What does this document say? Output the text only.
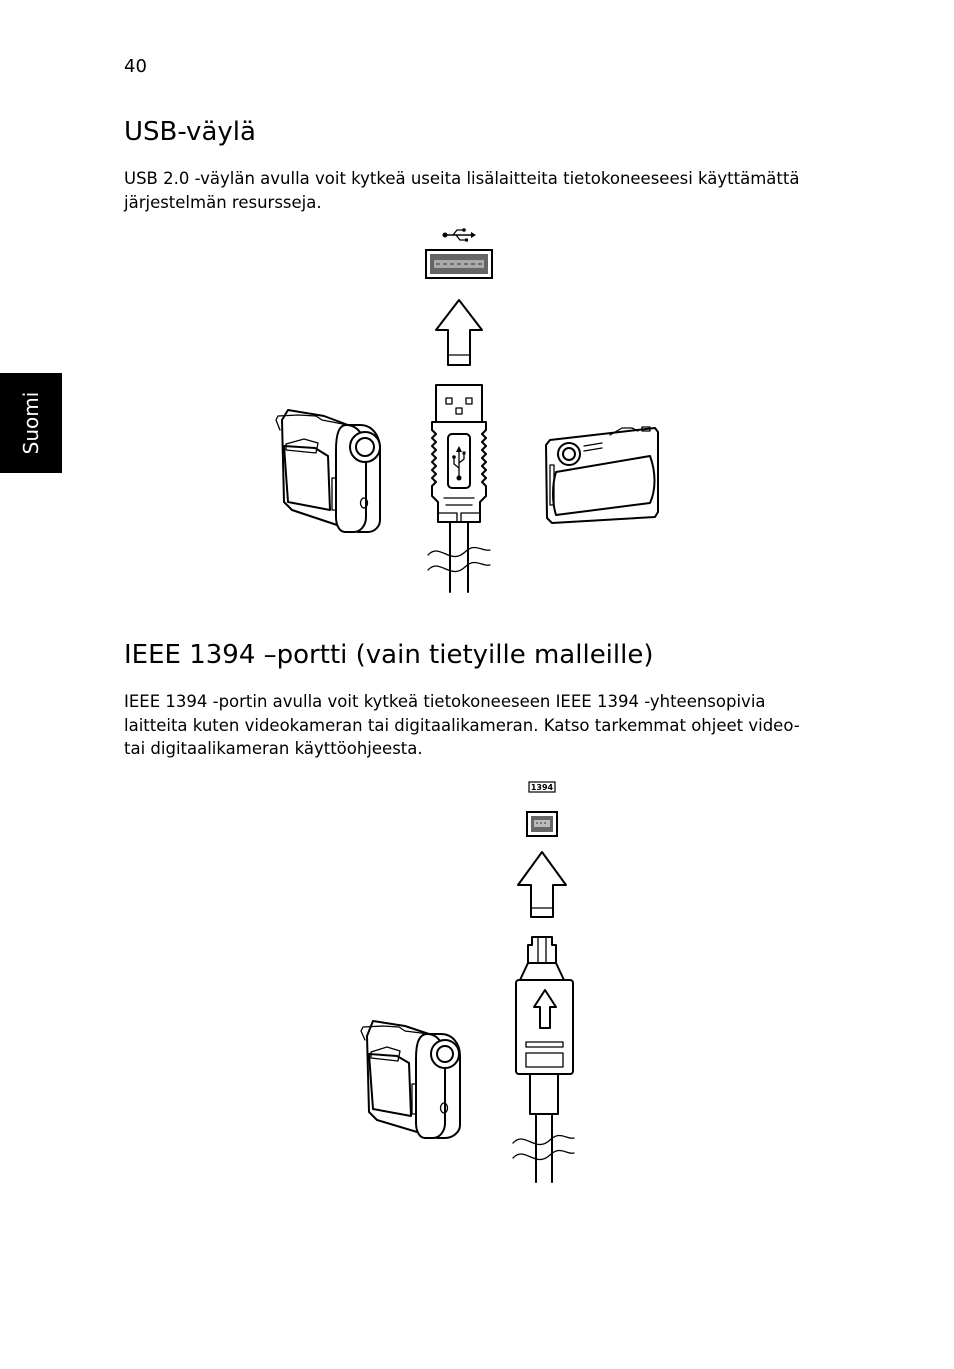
40
Suomi
USB-väylä

USB 2.0 -väylän avulla voit kytkeä useita lisälaitteita tietokoneeseesi käyttämättä järjestelmän resursseja.

IEEE 1394 –portti (vain tietyille malleille)

IEEE 1394 -portin avulla voit kytkeä tietokoneeseen IEEE 1394 -yhteensopivia laitteita kuten videokameran tai digitaalikameran. Katso tarkemmat ohjeet video- tai digitaalikameran käyttöohjeesta.

1394
